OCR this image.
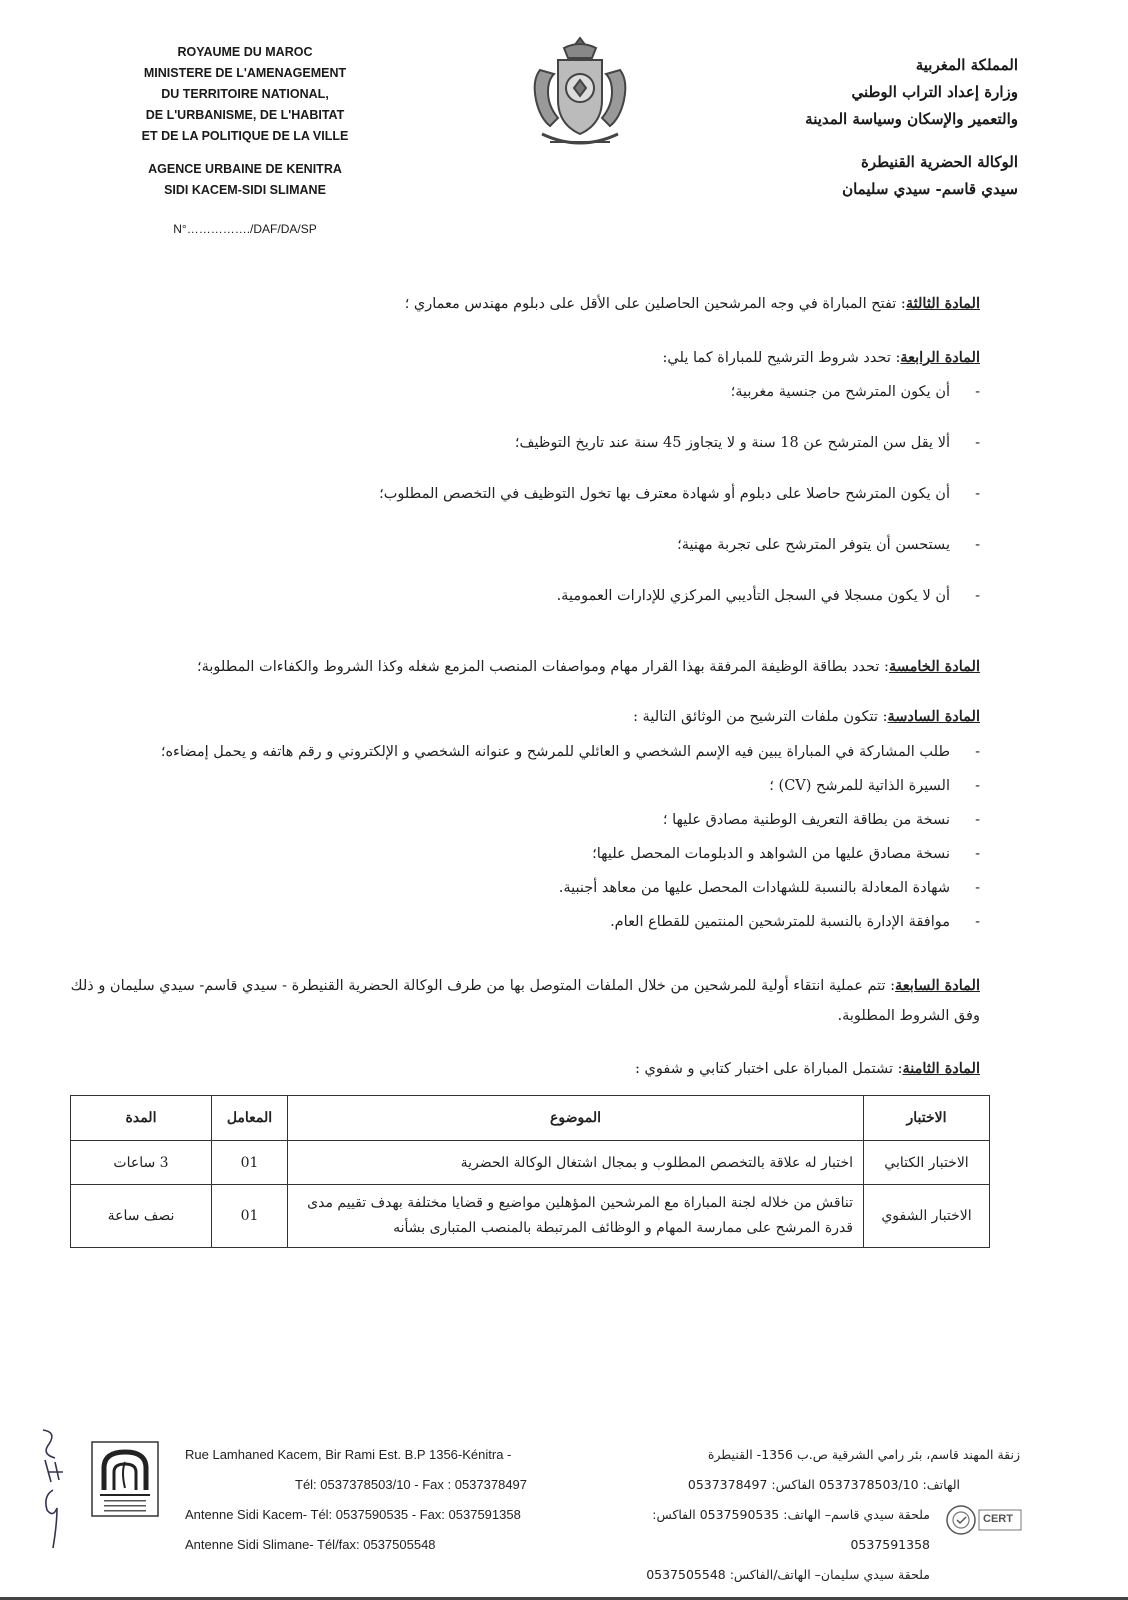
ROYAUME DU MAROC
MINISTERE DE L'AMENAGEMENT
DU TERRITOIRE NATIONAL,
DE L'URBANISME, DE L'HABITAT
ET DE LA POLITIQUE DE LA VILLE
AGENCE URBAINE DE KENITRA
SIDI KACEM-SIDI SLIMANE
N°……………./DAF/DA/SP
المملكة المغربية
وزارة إعداد التراب الوطني
والتعمير والإسكان وسياسة المدينة
الوكالة الحضرية القنيطرة
سيدي قاسم- سيدي سليمان

المادة الثالثة: تفتح المباراة في وجه المرشحين الحاصلين على الأقل على دبلوم مهندس معماري ؛

المادة الرابعة: تحدد شروط الترشيح للمباراة كما يلي:

- أن يكون المترشح من جنسية مغربية؛
- ألا يقل سن المترشح عن 18 سنة و لا يتجاوز 45 سنة عند تاريخ التوظيف؛
- أن يكون المترشح حاصلا على دبلوم أو شهادة معترف بها تخول التوظيف في التخصص المطلوب؛
- يستحسن أن يتوفر المترشح على تجربة مهنية؛
- أن لا يكون مسجلا في السجل التأديبي المركزي للإدارات العمومية.

المادة الخامسة: تحدد بطاقة الوظيفة المرفقة بهذا القرار مهام ومواصفات المنصب المزمع شغله وكذا الشروط والكفاءات المطلوبة؛

المادة السادسة: تتكون ملفات الترشيح من الوثائق التالية :

- طلب المشاركة في المباراة يبين فيه الإسم الشخصي و العائلي للمرشح و عنوانه الشخصي و الإلكتروني و رقم هاتفه و يحمل إمضاءه؛
- السيرة الذاتية للمرشح (CV) ؛
- نسخة من بطاقة التعريف الوطنية مصادق عليها ؛
- نسخة مصادق عليها من الشواهد و الدبلومات المحصل عليها؛
- شهادة المعادلة بالنسبة للشهادات المحصل عليها من معاهد أجنبية.
- موافقة الإدارة بالنسبة للمترشحين المنتمين للقطاع العام.

المادة السابعة: تتم عملية انتقاء أولية للمرشحين من خلال الملفات المتوصل بها من طرف الوكالة الحضرية القنيطرة - سيدي قاسم- سيدي سليمان و ذلك وفق الشروط المطلوبة.

المادة الثامنة: تشتمل المباراة على اختبار كتابي و شفوي :

الاختبار	الموضوع	المعامل	المدة
الاختبار الكتابي	اختبار له علاقة بالتخصص المطلوب و بمجال اشتغال الوكالة الحضرية	01	3 ساعات
الاختبار الشفوي	تناقش من خلاله لجنة المباراة مع المرشحين المؤهلين مواضيع و قضايا مختلفة بهدف تقييم مدى قدرة المرشح على ممارسة المهام و الوظائف المرتبطة بالمنصب المتبارى بشأنه	01	نصف ساعة
Rue Lamhaned Kacem, Bir Rami Est. B.P 1356-Kénitra -
Tél: 0537378503/10 - Fax : 0537378497
Antenne Sidi Kacem- Tél: 0537590535 - Fax: 0537591358
Antenne Sidi Slimane- Tél/fax: 0537505548
زنقة المهند قاسم، بئر رامي الشرقية ص.ب 1356- القنيطرة
الهاتف: 0537378503/10 الفاكس: 0537378497
ملحقة سيدي قاسم– الهاتف: 0537590535 الفاكس: 0537591358
ملحقة سيدي سليمان– الهاتف/الفاكس: 0537505548
CERT
